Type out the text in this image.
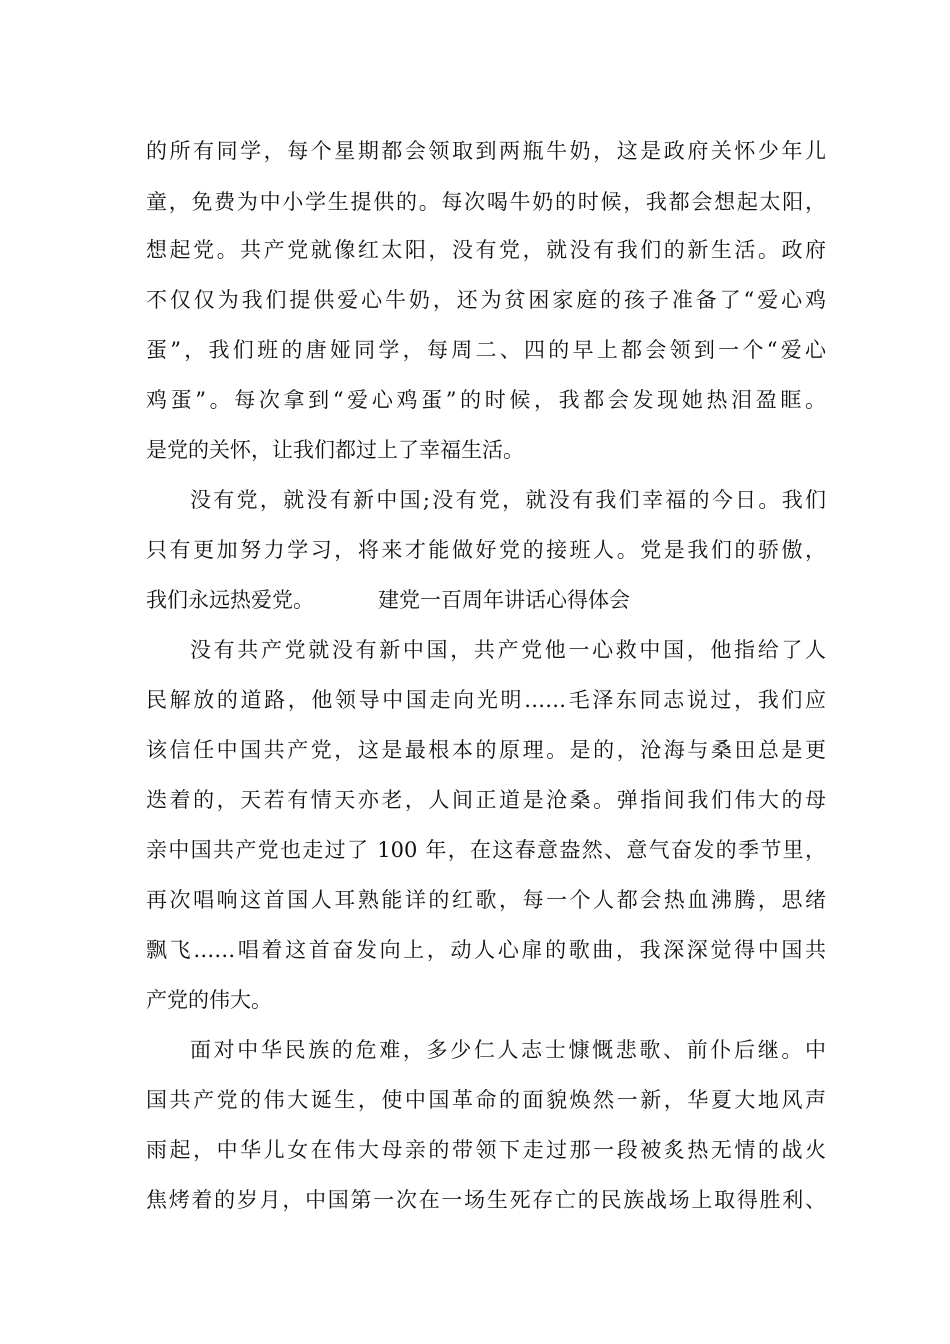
的所有同学，每个星期都会领取到两瓶牛奶，这是政府关怀少年儿
童，免费为中小学生提供的。每次喝牛奶的时候，我都会想起太阳，
想起党。共产党就像红太阳，没有党，就没有我们的新生活。政府
不仅仅为我们提供爱心牛奶，还为贫困家庭的孩子准备了“爱心鸡
蛋”，我们班的唐娅同学，每周二、四的早上都会领到一个“爱心
鸡蛋”。每次拿到“爱心鸡蛋”的时候，我都会发现她热泪盈眶。
是党的关怀，让我们都过上了幸福生活。
没有党，就没有新中国;没有党，就没有我们幸福的今日。我们
只有更加努力学习，将来才能做好党的接班人。党是我们的骄傲，
我们永远热爱党。	建党一百周年讲话心得体会
没有共产党就没有新中国，共产党他一心救中国，他指给了人
民解放的道路，他领导中国走向光明……毛泽东同志说过，我们应
该信任中国共产党，这是最根本的原理。是的，沧海与桑田总是更
迭着的，天若有情天亦老，人间正道是沧桑。弹指间我们伟大的母
亲中国共产党也走过了 100 年，在这春意盎然、意气奋发的季节里，
再次唱响这首国人耳熟能详的红歌，每一个人都会热血沸腾，思绪
飘飞……唱着这首奋发向上，动人心扉的歌曲，我深深觉得中国共
产党的伟大。
面对中华民族的危难，多少仁人志士慷慨悲歌、前仆后继。中
国共产党的伟大诞生，使中国革命的面貌焕然一新，华夏大地风声
雨起，中华儿女在伟大母亲的带领下走过那一段被炙热无情的战火
焦烤着的岁月，中国第一次在一场生死存亡的民族战场上取得胜利、
